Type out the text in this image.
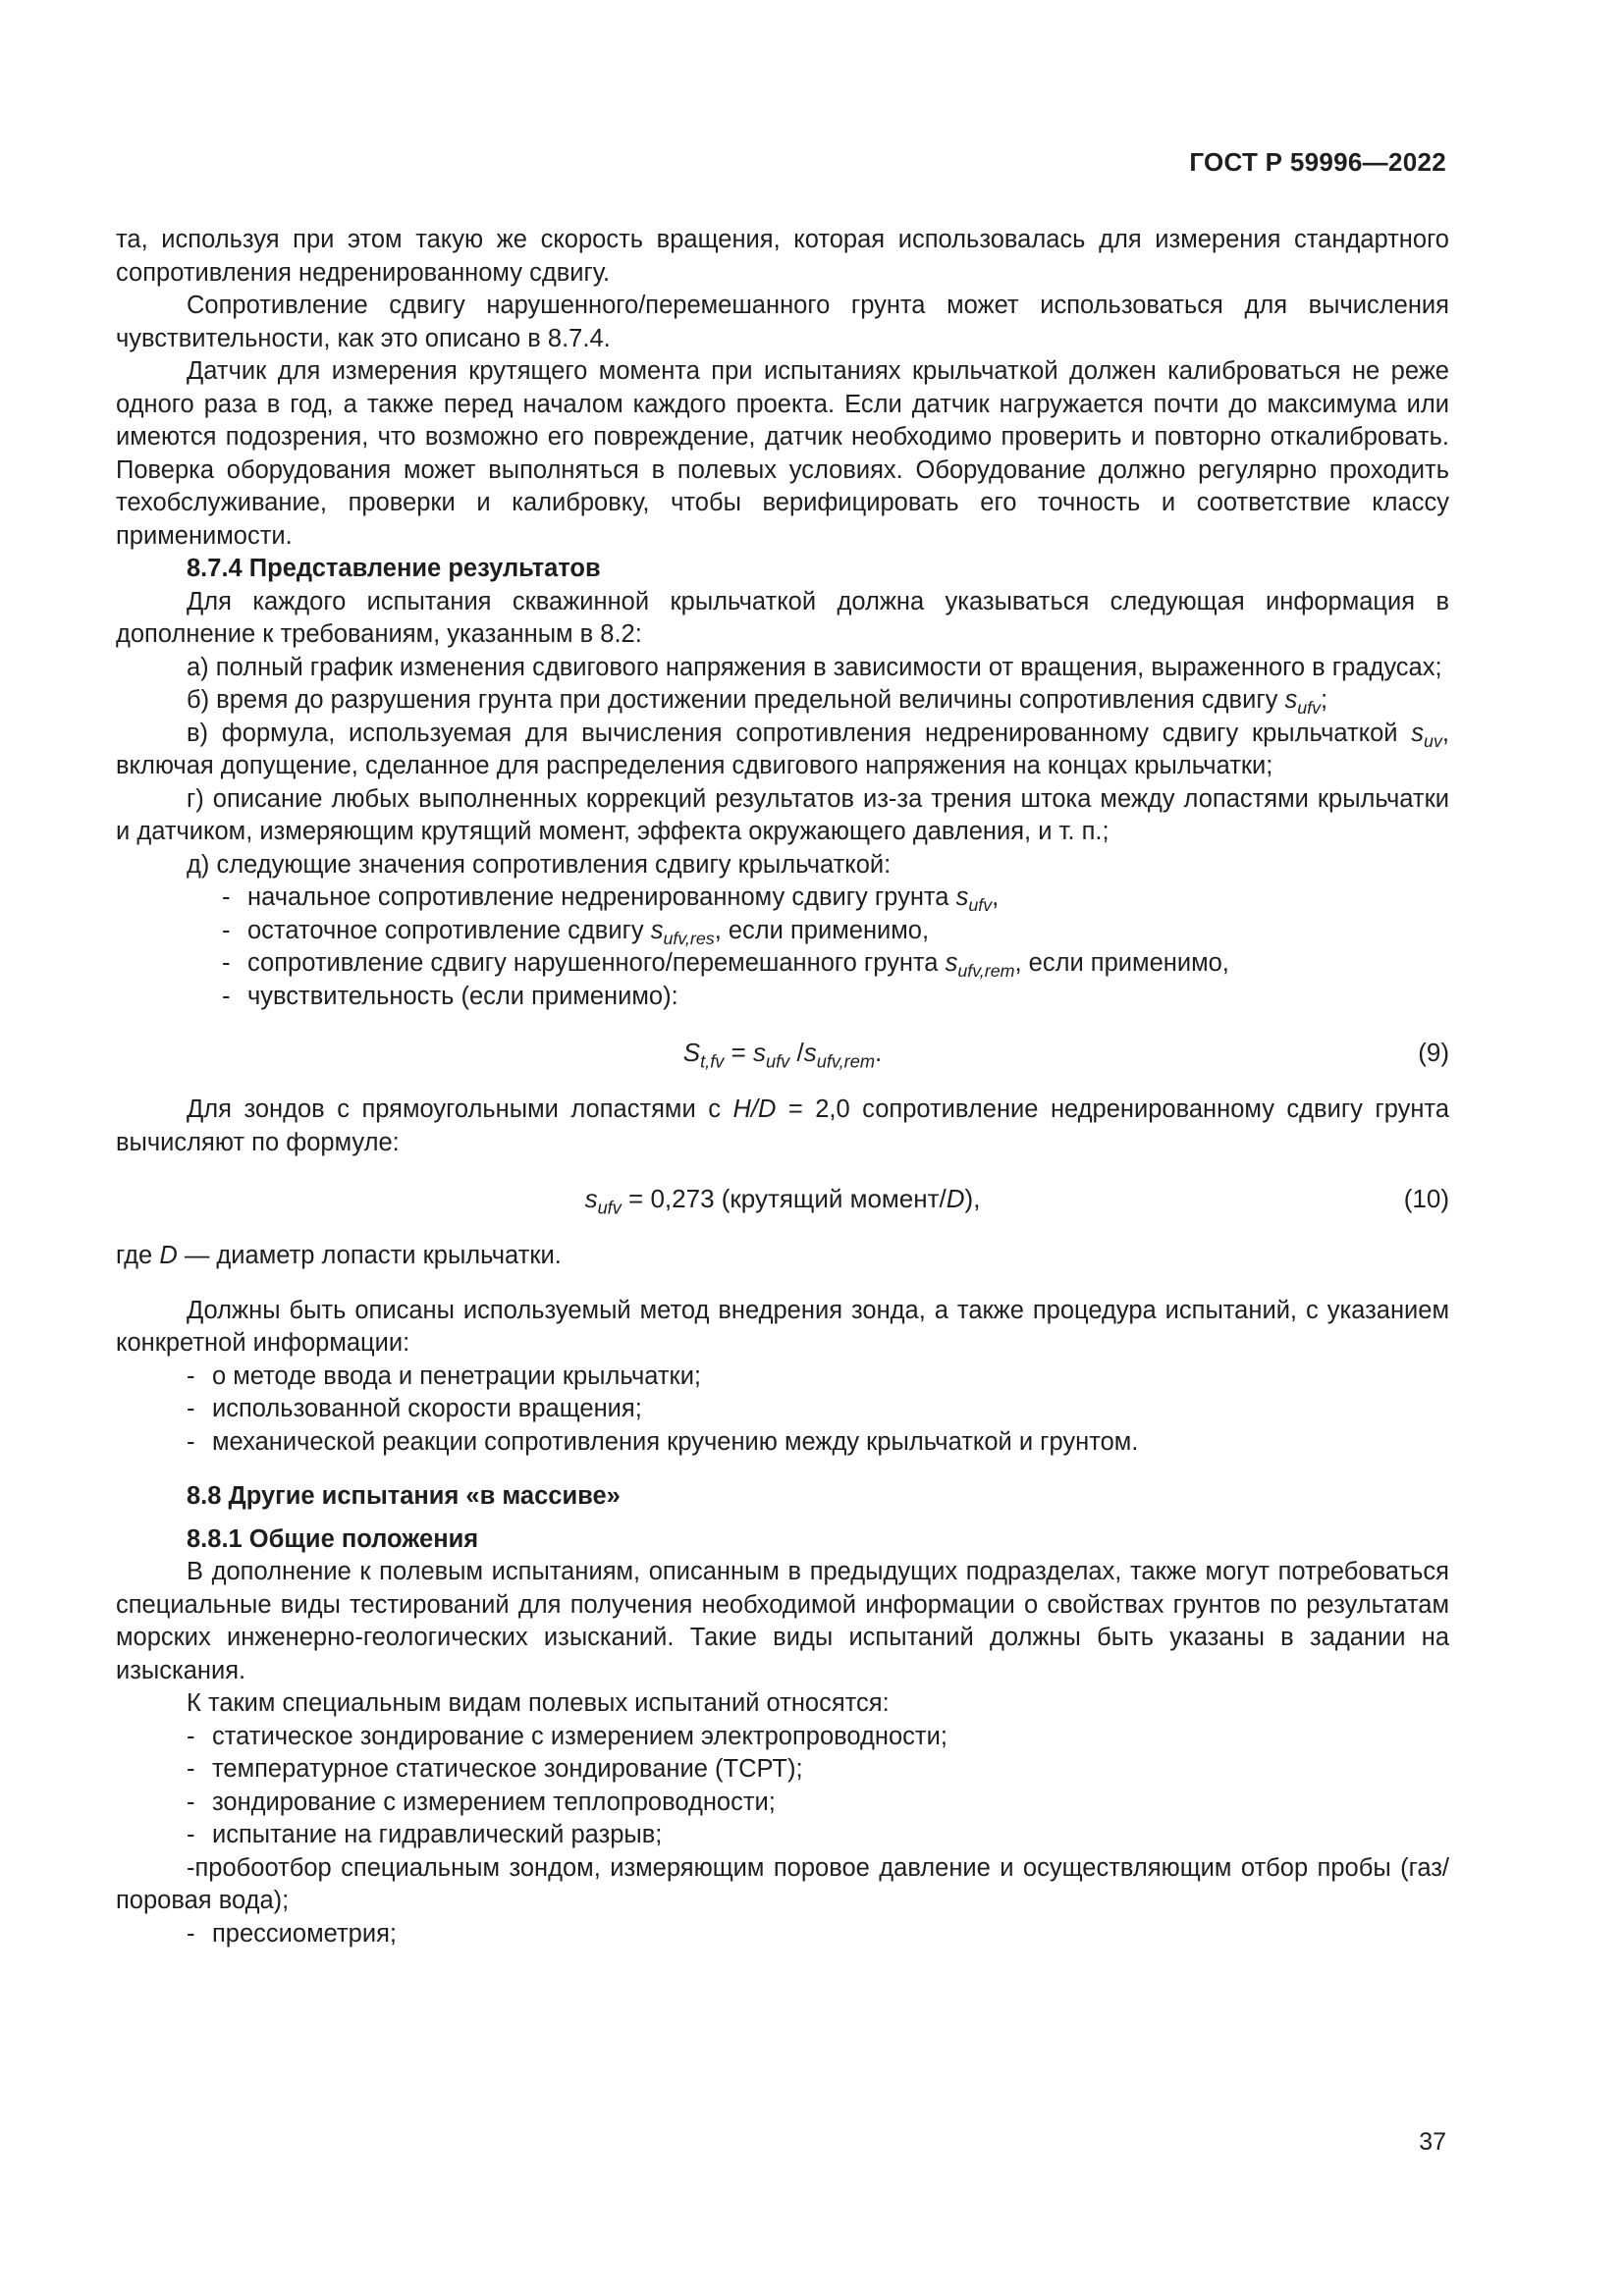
ГОСТ Р 59996—2022

та, используя при этом такую же скорость вращения, которая использовалась для измерения стандартного сопротивления недренированному сдвигу.

Сопротивление сдвигу нарушенного/перемешанного грунта может использоваться для вычисления чувствительности, как это описано в 8.7.4.

Датчик для измерения крутящего момента при испытаниях крыльчаткой должен калиброваться не реже одного раза в год, а также перед началом каждого проекта. Если датчик нагружается почти до максимума или имеются подозрения, что возможно его повреждение, датчик необходимо проверить и повторно откалибровать. Поверка оборудования может выполняться в полевых условиях. Оборудование должно регулярно проходить техобслуживание, проверки и калибровку, чтобы верифицировать его точность и соответствие классу применимости.

8.7.4 Представление результатов

Для каждого испытания скважинной крыльчаткой должна указываться следующая информация в дополнение к требованиям, указанным в 8.2:

а) полный график изменения сдвигового напряжения в зависимости от вращения, выраженного в градусах;

б) время до разрушения грунта при достижении предельной величины сопротивления сдвигу $s_{ufv}$;

в) формула, используемая для вычисления сопротивления недренированному сдвигу крыльчаткой $s_{uv}$, включая допущение, сделанное для распределения сдвигового напряжения на концах крыльчатки;

г) описание любых выполненных коррекций результатов из-за трения штока между лопастями крыльчатки и датчиком, измеряющим крутящий момент, эффекта окружающего давления, и т. п.;

д) следующие значения сопротивления сдвигу крыльчаткой:

- начальное сопротивление недренированному сдвигу грунта $s_{ufv}$,

- остаточное сопротивление сдвигу $s_{ufv,res}$, если применимо,

- сопротивление сдвигу нарушенного/перемешанного грунта $s_{ufv,rem}$, если применимо,

- чувствительность (если применимо):

$S_{t,fv} = s_{ufv}$ $/s_{ufv,rem}$.	(9)

Для зондов с прямоугольными лопастями с H/D = 2,0 сопротивление недренированному сдвигу грунта вычисляют по формуле:

$s_{ufv} = 0,273$ (крутящий момент/D),	(10)

где D — диаметр лопасти крыльчатки.

Должны быть описаны используемый метод внедрения зонда, а также процедура испытаний, с указанием конкретной информации:

- о методе ввода и пенетрации крыльчатки;

- использованной скорости вращения;

- механической реакции сопротивления кручению между крыльчаткой и грунтом.

8.8 Другие испытания «в массиве»

8.8.1 Общие положения

В дополнение к полевым испытаниям, описанным в предыдущих подразделах, также могут потребоваться специальные виды тестирований для получения необходимой информации о свойствах грунтов по результатам морских инженерно-геологических изысканий. Такие виды испытаний должны быть указаны в задании на изыскания.

К таким специальным видам полевых испытаний относятся:

- статическое зондирование с измерением электропроводности;

- температурное статическое зондирование (ТСРТ);

- зондирование с измерением теплопроводности;

- испытание на гидравлический разрыв;

-пробоотбор специальным зондом, измеряющим поровое давление и осуществляющим отбор пробы (газ/поровая вода);

- прессиометрия;

37
